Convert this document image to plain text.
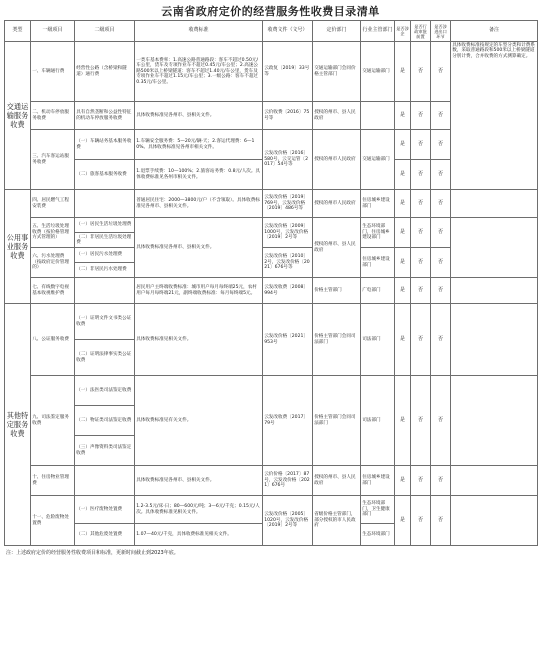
云南省政府定价的经营服务性收费目录清单
类型	一级项目	二级项目	收费标准	收费文件（文号）	定价部门	行业主管部门	是否涉企	是否行政审批前置	是否涉进出口环节	备注
交通运输服务收费	一、车辆通行费	经营性公路（含桥梁和隧道）通行费	一类车基本费率：1.高速公路普通路段：客车不超过0.50元/车公里，货车及专项作业车不超过0.45元/车公里；2.高速公路500米以上桥梁隧道：客车不超过1.40元/车公里，货车及专项作业车不超过1.15元/车公里；3.一级公路：客车不超过0.35元/车公里。	云政复〔2019〕33号等	交通运输部门会同价格主管部门	交通运输部门	是	否	否	具体收费标准按规定的车型分类和计费系数，采取普通路段和500米以上桥梁隧道分别计费，合并收费的方式测算确定。
	二、机动车停放服务收费	具有自然垄断和公益性特征的机动车停放服务收费	具体收费标准见各州市、县相关文件。	云价收费〔2016〕75号等	授权的州市、县人民政府		是	否	否	
	三、汽车客运站服务收费	（一）车辆站务基本服务收费	1.车辆安全服务费：5—20元/辆·天；2.客运代理费：6—10%。具体收费标准见各州市相关文件。	云发改价格〔2016〕580号，云交运管〔2017〕54号等	授权的州市人民政府	交通运输部门	是	否	否	
		（二）旅客基本服务收费	1.退票手续费：10—100%；2.旅客站务费：0.8元/人次。具体收费标准见各州市相关文件。				是	否	否	
公用事业服务收费	四、居民燃气工程安装费		普通居民住宅：2000—3800元/户（不含领取）。具体收费标准见各州市、县相关文件。	云发改价格〔2019〕769号，云发改价格〔2019〕486号等	授权的州市人民政府	住房城乡建设部门	是	否	否	
	五、生活垃圾处理收费（按价格管理方式管理的）	（一）居民生活垃圾处理费	具体收费标准见各州市、县相关文件。	云发改价格〔2009〕1000号，云发改价格〔2019〕2号等	授权的州市、县人民政府	生态环境部门，住房城乡建设部门	是	否	否	
		（二）非居民生活垃圾处理费								
	六、污水处理费（按政府定价管理的）	（一）居民污水处理费		云发改价格〔2010〕2号，云发改价格〔2021〕676号等		住房城乡建设部门	是	否	否	
		（二）非居民污水处理费								
	七、有线数字电视基本收视维护费		居民用户主终端收费标准：城市用户每月每终端25元，农村用户每月每终端21元，副终端收费标准：每月每终端5元。	云发改收费〔2008〕994号	价格主管部门	广电部门	是	否	否	
其他特定服务收费	八、公证服务收费	（一）证明文件文书类公证收费	具体收费标准见相关文件。	云发改价格〔2021〕953号	价格主管部门会同司法部门	司法部门	是	否	否	
		（二）证明法律事实类公证收费								
	九、司法鉴定服务收费	（一）法医类司法鉴定收费	具体收费标准见有关文件。	云发改收费〔2017〕79号	价格主管部门会同司法部门	司法部门	是	否	否	
		（二）物证类司法鉴定收费								
		（三）声像资料类司法鉴定收费								
	十、住房物业管理费		具体收费标准见各州市、县相关文件。	云价价格〔2017〕87号，云发改价格〔2021〕676号	授权的州市、县人民政府	住房城乡建设部门	是	否	否	
	十一、危险废物处置费	（一）医疗废物处置费	1.2-3.5元/床·日；80—600元/吨；3—6元/千克；0.15元/人次。具体收费标准见相关文件。	云发改价格〔2005〕1020号，云发改价格〔2019〕2号等	省级价格主管部门，部分授权的市人民政府	生态环境部门，卫生健康部门	是	否	否	
		（二）其他危废处置费	1.07—40元/千克，具体收费标准见相关文件。			生态环境部门				
注：上述政府定价的经营服务性收费项目和标准，更新时间截止到2023年底。
